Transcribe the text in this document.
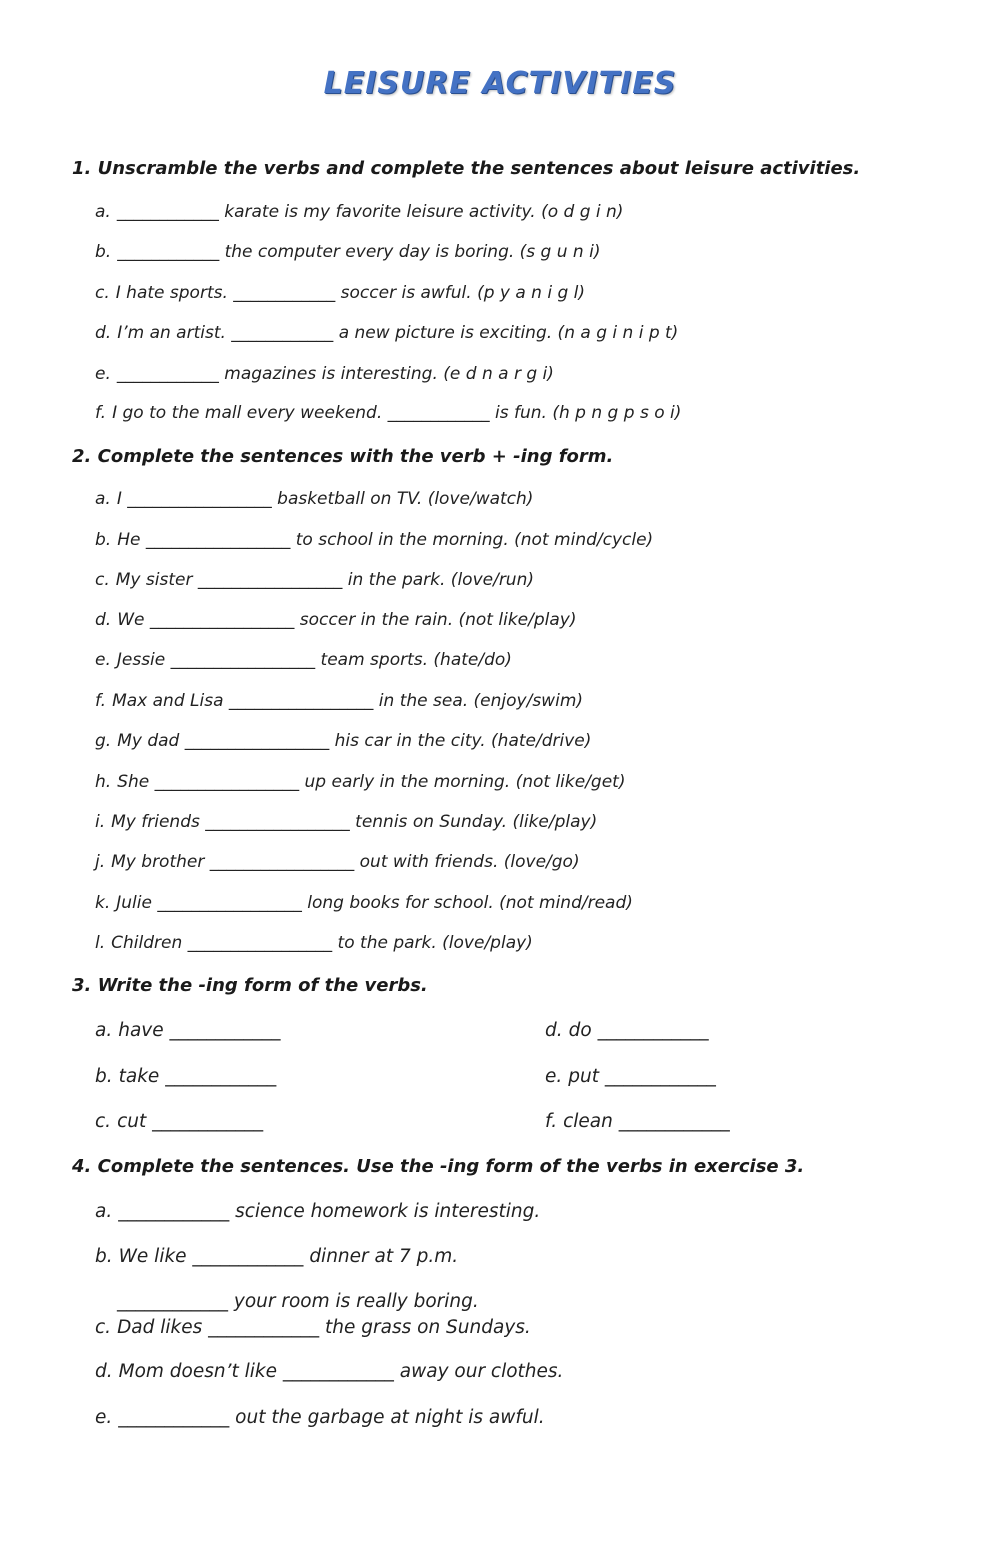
LEISURE ACTIVITIES
1. Unscramble the verbs and complete the sentences about leisure activities.
a. ____________ karate is my favorite leisure activity. (o d g i n)
b. ____________ the computer every day is boring. (s g u n i)
c. I hate sports. ____________ soccer is awful. (p y a n i g l)
d. I’m an artist. ____________ a new picture is exciting. (n a g i n i p t)
e. ____________ magazines is interesting. (e d n a r g i)
f. I go to the mall every weekend. ____________ is fun. (h p n g p s o i)
2. Complete the sentences with the verb + -ing form.
a. I _________________ basketball on TV. (love/watch)
b. He _________________ to school in the morning. (not mind/cycle)
c. My sister _________________ in the park. (love/run)
d. We _________________ soccer in the rain. (not like/play)
e. Jessie _________________ team sports. (hate/do)
f. Max and Lisa _________________ in the sea. (enjoy/swim)
g. My dad _________________ his car in the city. (hate/drive)
h. She _________________ up early in the morning. (not like/get)
i. My friends _________________ tennis on Sunday. (like/play)
j. My brother _________________ out with friends. (love/go)
k. Julie _________________ long books for school. (not mind/read)
l. Children _________________ to the park. (love/play)
3. Write the -ing form of the verbs.
a. have ____________
b. take ____________
c. cut ____________
d. do ____________
e. put ____________
f. clean ____________
4. Complete the sentences. Use the -ing form of the verbs in exercise 3.
a. ____________ science homework is interesting.
b. We like ____________ dinner at 7 p.m.
____________ your room is really boring.
c. Dad likes ____________ the grass on Sundays.
d. Mom doesn’t like ____________ away our clothes.
e. ____________ out the garbage at night is awful.
